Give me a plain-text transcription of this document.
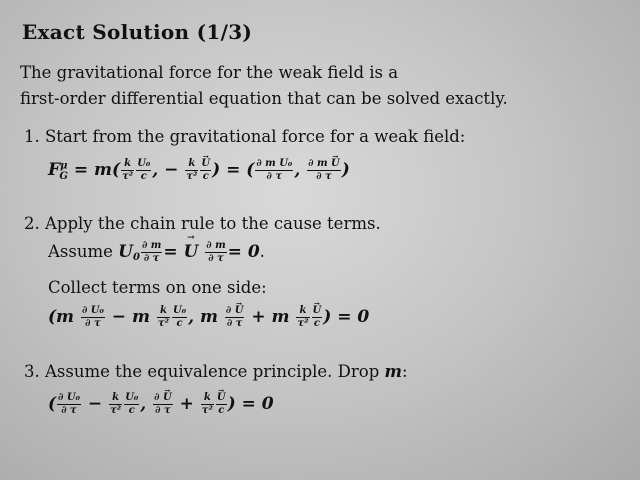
Exact Solution (1/3)
The gravitational force for the weak field is a
first-order differential equation that can be solved exactly.
1. Start from the gravitational force for a weak field:
$F^\mu_G = m( \frac{k}{\text{τ²}} \frac{\text{U₀}}{c}$ , − $\frac{k}{\text{τ²}}$
→ $\frac{U}{c}$ ) = ( $\frac{\text{∂ m U₀}}{\partial \tau}$ , $\frac{\partial m \to U}{\partial \tau}$ )
2. Apply the chain rule to the cause terms.
Assume $U0 \frac{\partial m}{\partial \tau}$ = → U $\frac{\partial m}{\partial \tau} = 0$.
Collect terms on one side:
($m \frac{\text{∂ U₀}}{\partial \tau} - m \frac{k}{\text{τ²}} \frac{\text{U₀}}{c}$ , m $\frac{\partial \to U}{\partial \tau} + m \frac{k}{\text{τ²}}$
→ $\frac{U}{c}$ ) = 0
3. Assume the equivalence principle. Drop m:
( $\frac{\text{∂ U₀}}{\partial \tau} - \frac{k}{\text{τ²}} \frac{\text{U₀}}{c}$ , $\frac{\partial \to U}{\partial \tau} + \frac{k}{\text{τ²}}$
→ $\frac{U}{c}$ ) = 0
